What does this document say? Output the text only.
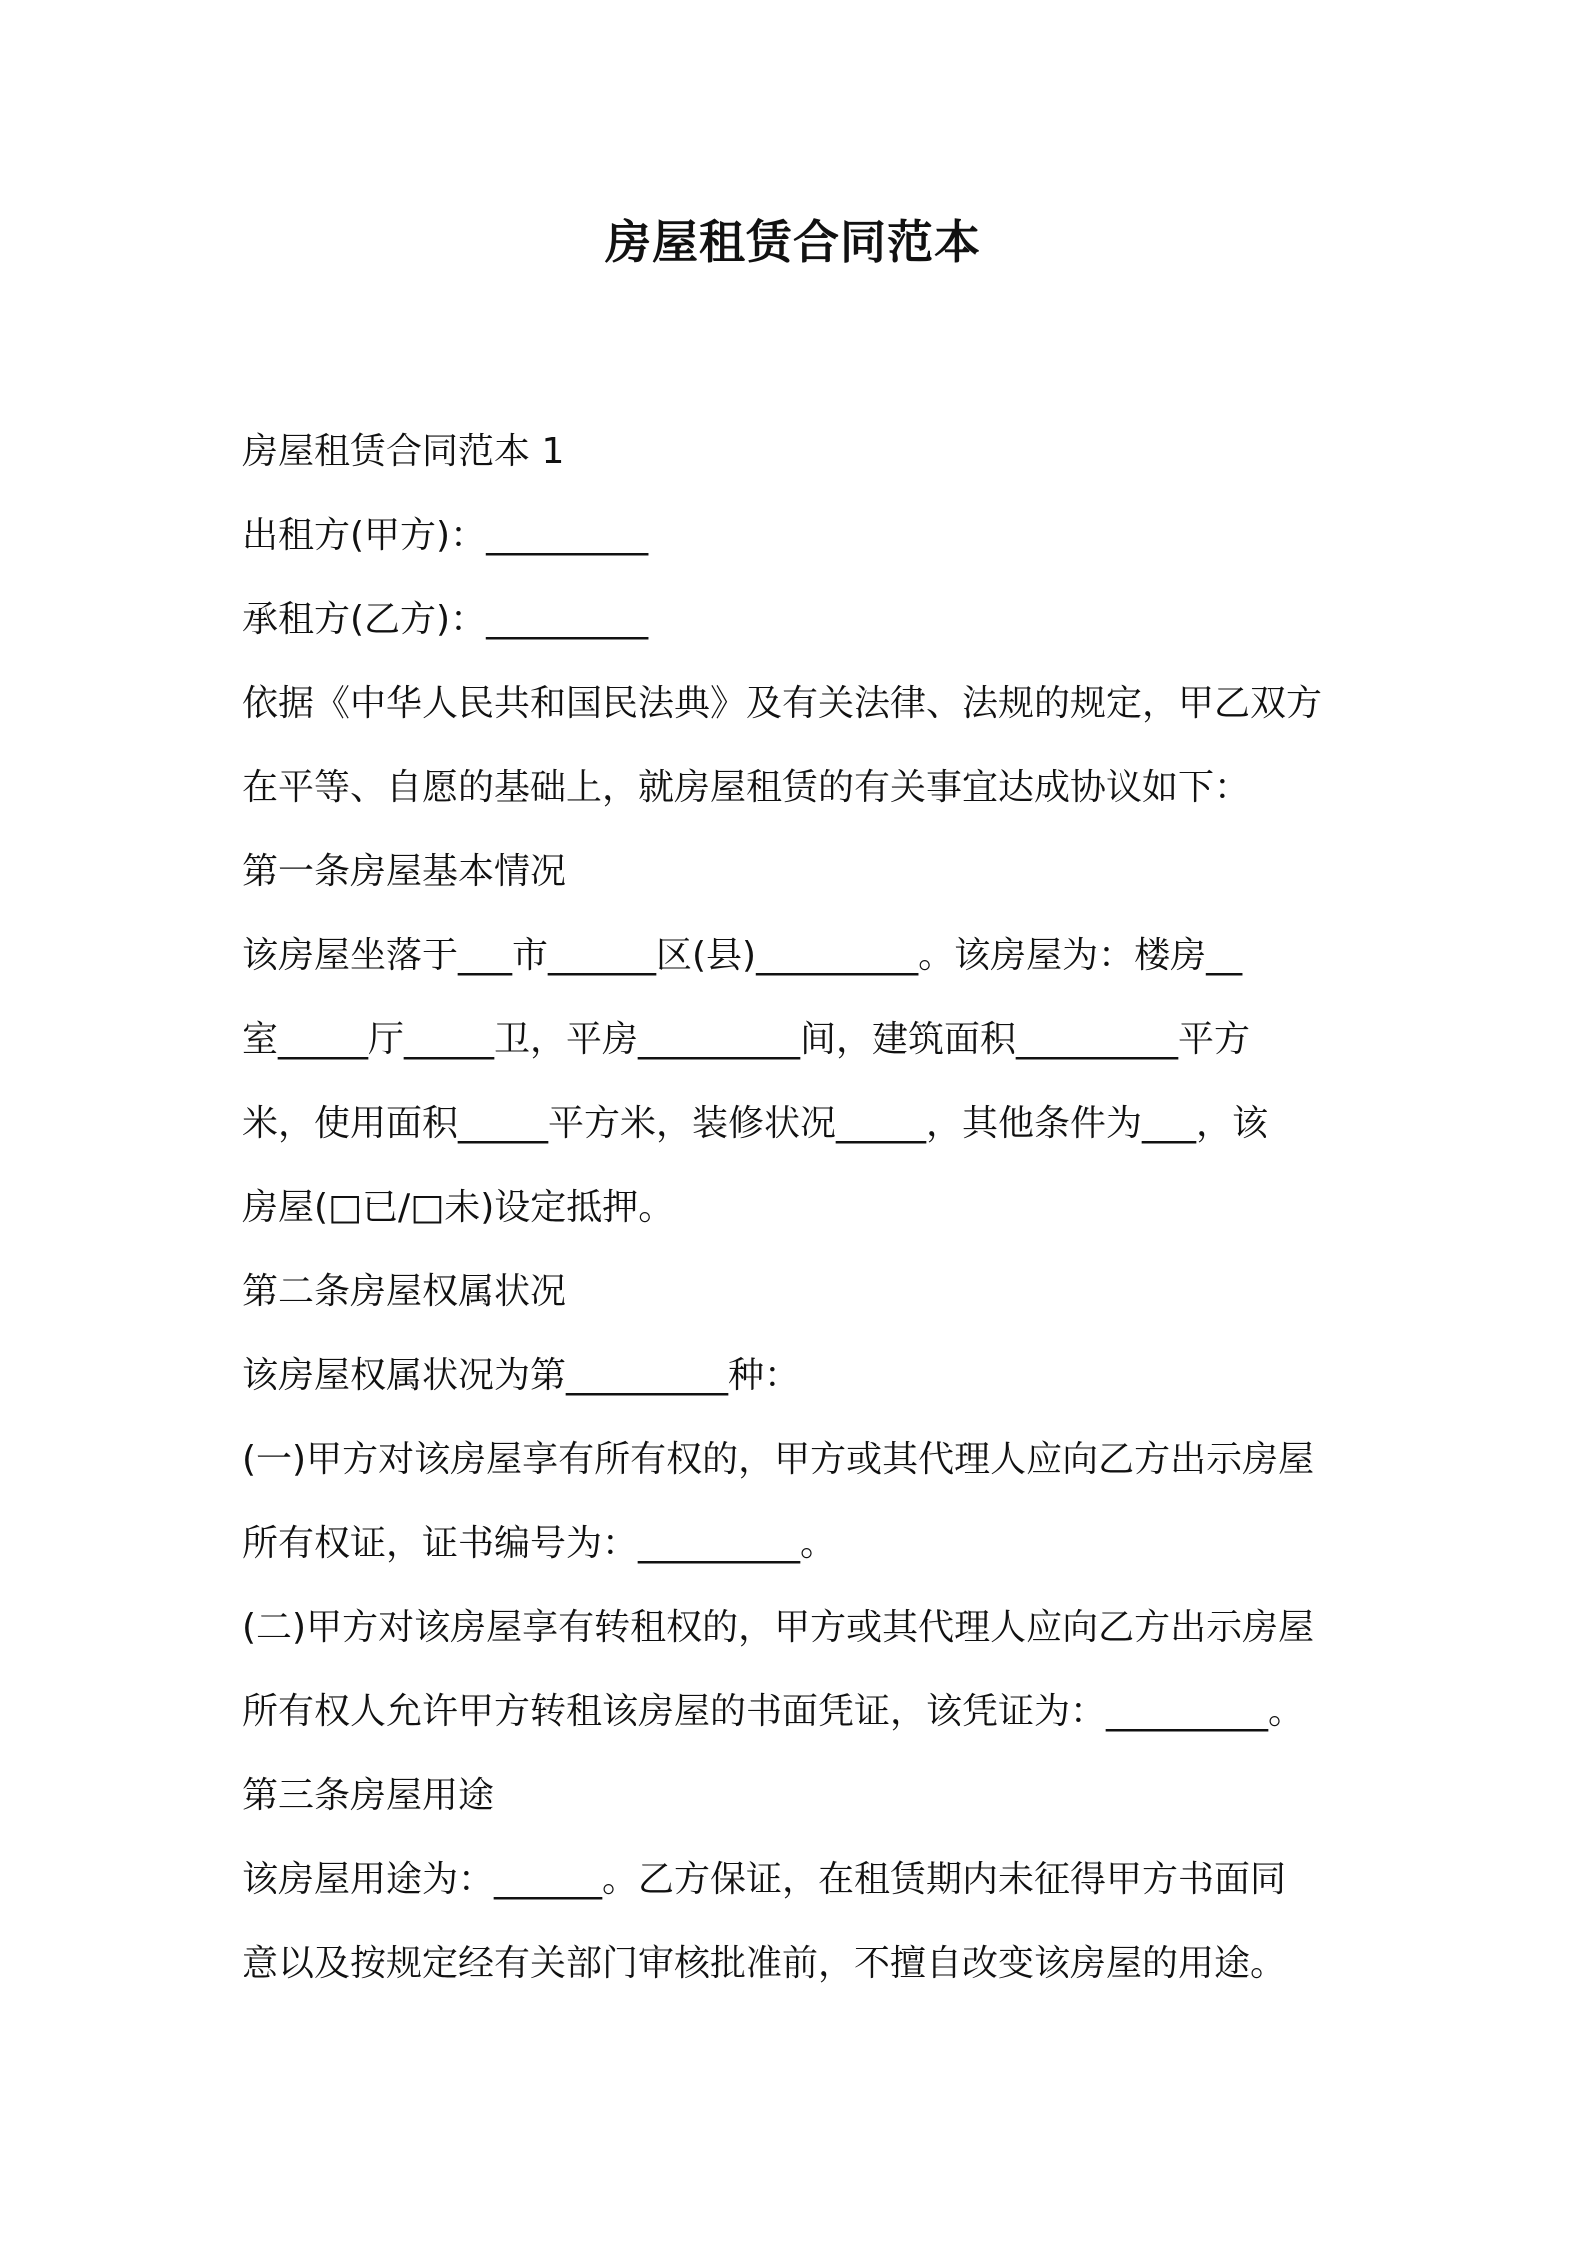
房屋租赁合同范本
房屋租赁合同范本 1
出租方(甲方)：_________
承租方(乙方)：_________
依据《中华人民共和国民法典》及有关法律、法规的规定，甲乙双方
在平等、自愿的基础上，就房屋租赁的有关事宜达成协议如下：
第一条房屋基本情况
该房屋坐落于___市______区(县)_________。该房屋为：楼房__
室_____厅_____卫，平房_________间，建筑面积_________平方
米，使用面积_____平方米，装修状况_____，其他条件为___，该
房屋(□已/□未)设定抵押。
第二条房屋权属状况
该房屋权属状况为第_________种：
(一)甲方对该房屋享有所有权的，甲方或其代理人应向乙方出示房屋
所有权证，证书编号为：_________。
(二)甲方对该房屋享有转租权的，甲方或其代理人应向乙方出示房屋
所有权人允许甲方转租该房屋的书面凭证，该凭证为：_________。
第三条房屋用途
该房屋用途为：______。乙方保证，在租赁期内未征得甲方书面同
意以及按规定经有关部门审核批准前，不擅自改变该房屋的用途。
